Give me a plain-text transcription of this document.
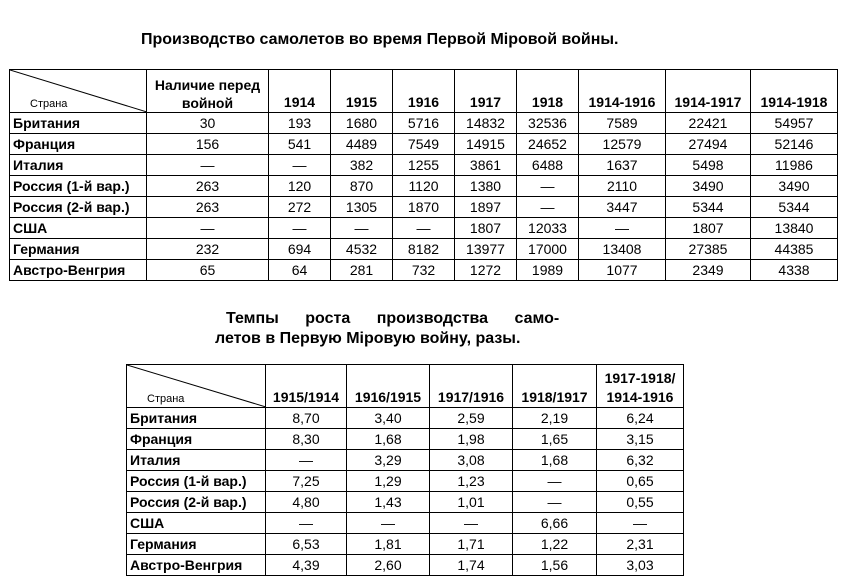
Производство самолетов во время Первой Міровой войны.
Страна	Наличие перед войной	1914	1915	1916	1917	1918	1914-1916	1914-1917	1914-1918
Британия	30	193	1680	5716	14832	32536	7589	22421	54957
Франция	156	541	4489	7549	14915	24652	12579	27494	52146
Италия	—	—	382	1255	3861	6488	1637	5498	11986
Россия (1-й вар.)	263	120	870	1120	1380	—	2110	3490	3490
Россия (2-й вар.)	263	272	1305	1870	1897	—	3447	5344	5344
США	—	—	—	—	1807	12033	—	1807	13840
Германия	232	694	4532	8182	13977	17000	13408	27385	44385
Австро-Венгрия	65	64	281	732	1272	1989	1077	2349	4338
Темпы роста производства само-
летов в Первую Міровую войну, разы.
Страна	1915/1914	1916/1915	1917/1916	1918/1917	1917-1918/ 1914-1916
Британия	8,70	3,40	2,59	2,19	6,24
Франция	8,30	1,68	1,98	1,65	3,15
Италия	—	3,29	3,08	1,68	6,32
Россия (1-й вар.)	7,25	1,29	1,23	—	0,65
Россия (2-й вар.)	4,80	1,43	1,01	—	0,55
США	—	—	—	6,66	—
Германия	6,53	1,81	1,71	1,22	2,31
Австро-Венгрия	4,39	2,60	1,74	1,56	3,03
